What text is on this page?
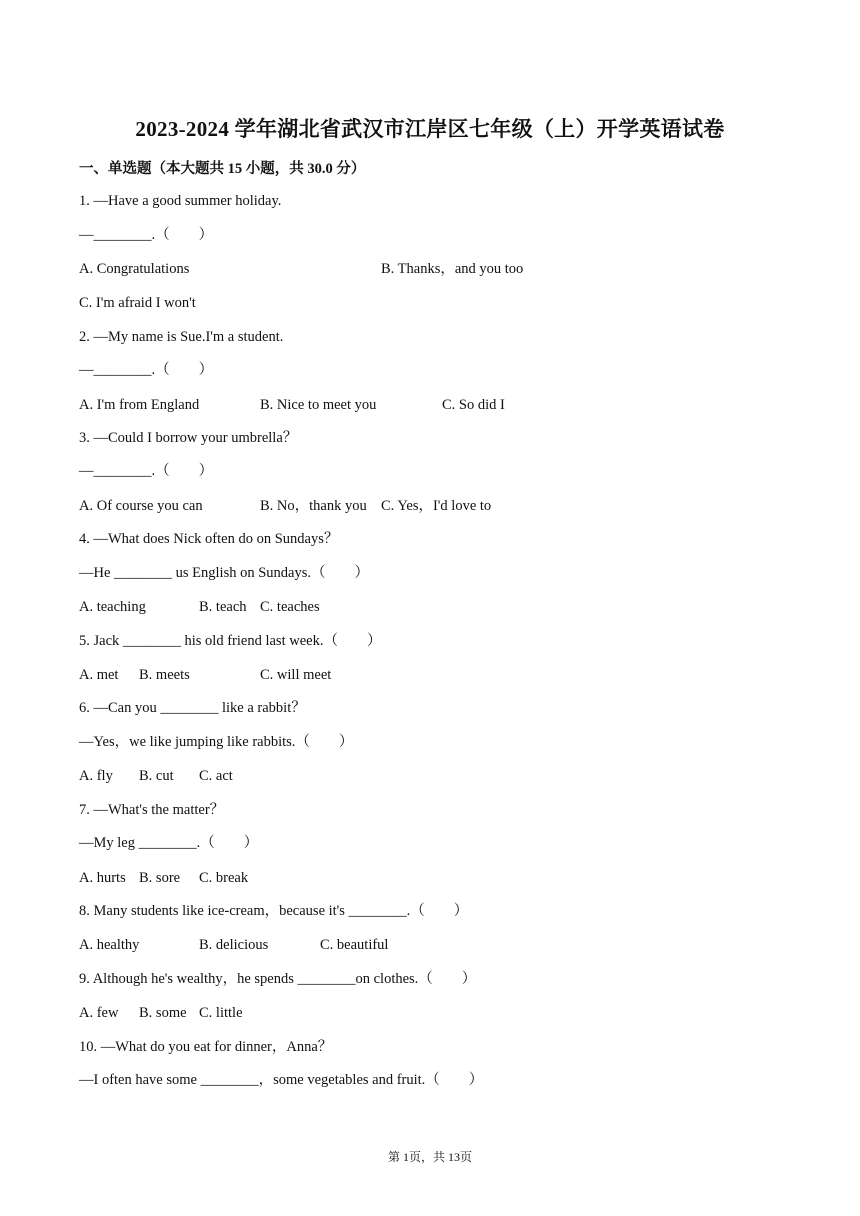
2023-2024 学年湖北省武汉市江岸区七年级（上）开学英语试卷
一、单选题（本大题共 15 小题，共 30.0 分）
1. —Have a good summer holiday.
—________.（　　）
A. Congratulations	B. Thanks，and you too
C. I'm afraid I won't
2. —My name is Sue.I'm a student.
—________.（　　）
A. I'm from England	B. Nice to meet you	C. So did I
3. —Could I borrow your umbrella？
—________.（　　）
A. Of course you can	B. No，thank you C. Yes，I'd love to
4. —What does Nick often do on Sundays？
—He ________ us English on Sundays.（　　）
A. teaching	B. teach C. teaches
5. Jack ________ his old friend last week.（　　）
A. met B. meets	C. will meet
6. —Can you ________ like a rabbit？
—Yes，we like jumping like rabbits.（　　）
A. fly B. cut C. act
7. —What's the matter？
—My leg ________.（　　）
A. hurts B. sore C. break
8. Many students like ice-cream，because it's ________.（　　）
A. healthy	B. delicious	C. beautiful
9. Although he's wealthy，he spends ________on clothes.（　　）
A. few B. some C. little
10. —What do you eat for dinner，Anna？
—I often have some ________，some vegetables and fruit.（　　）
第 1页，共 13页
